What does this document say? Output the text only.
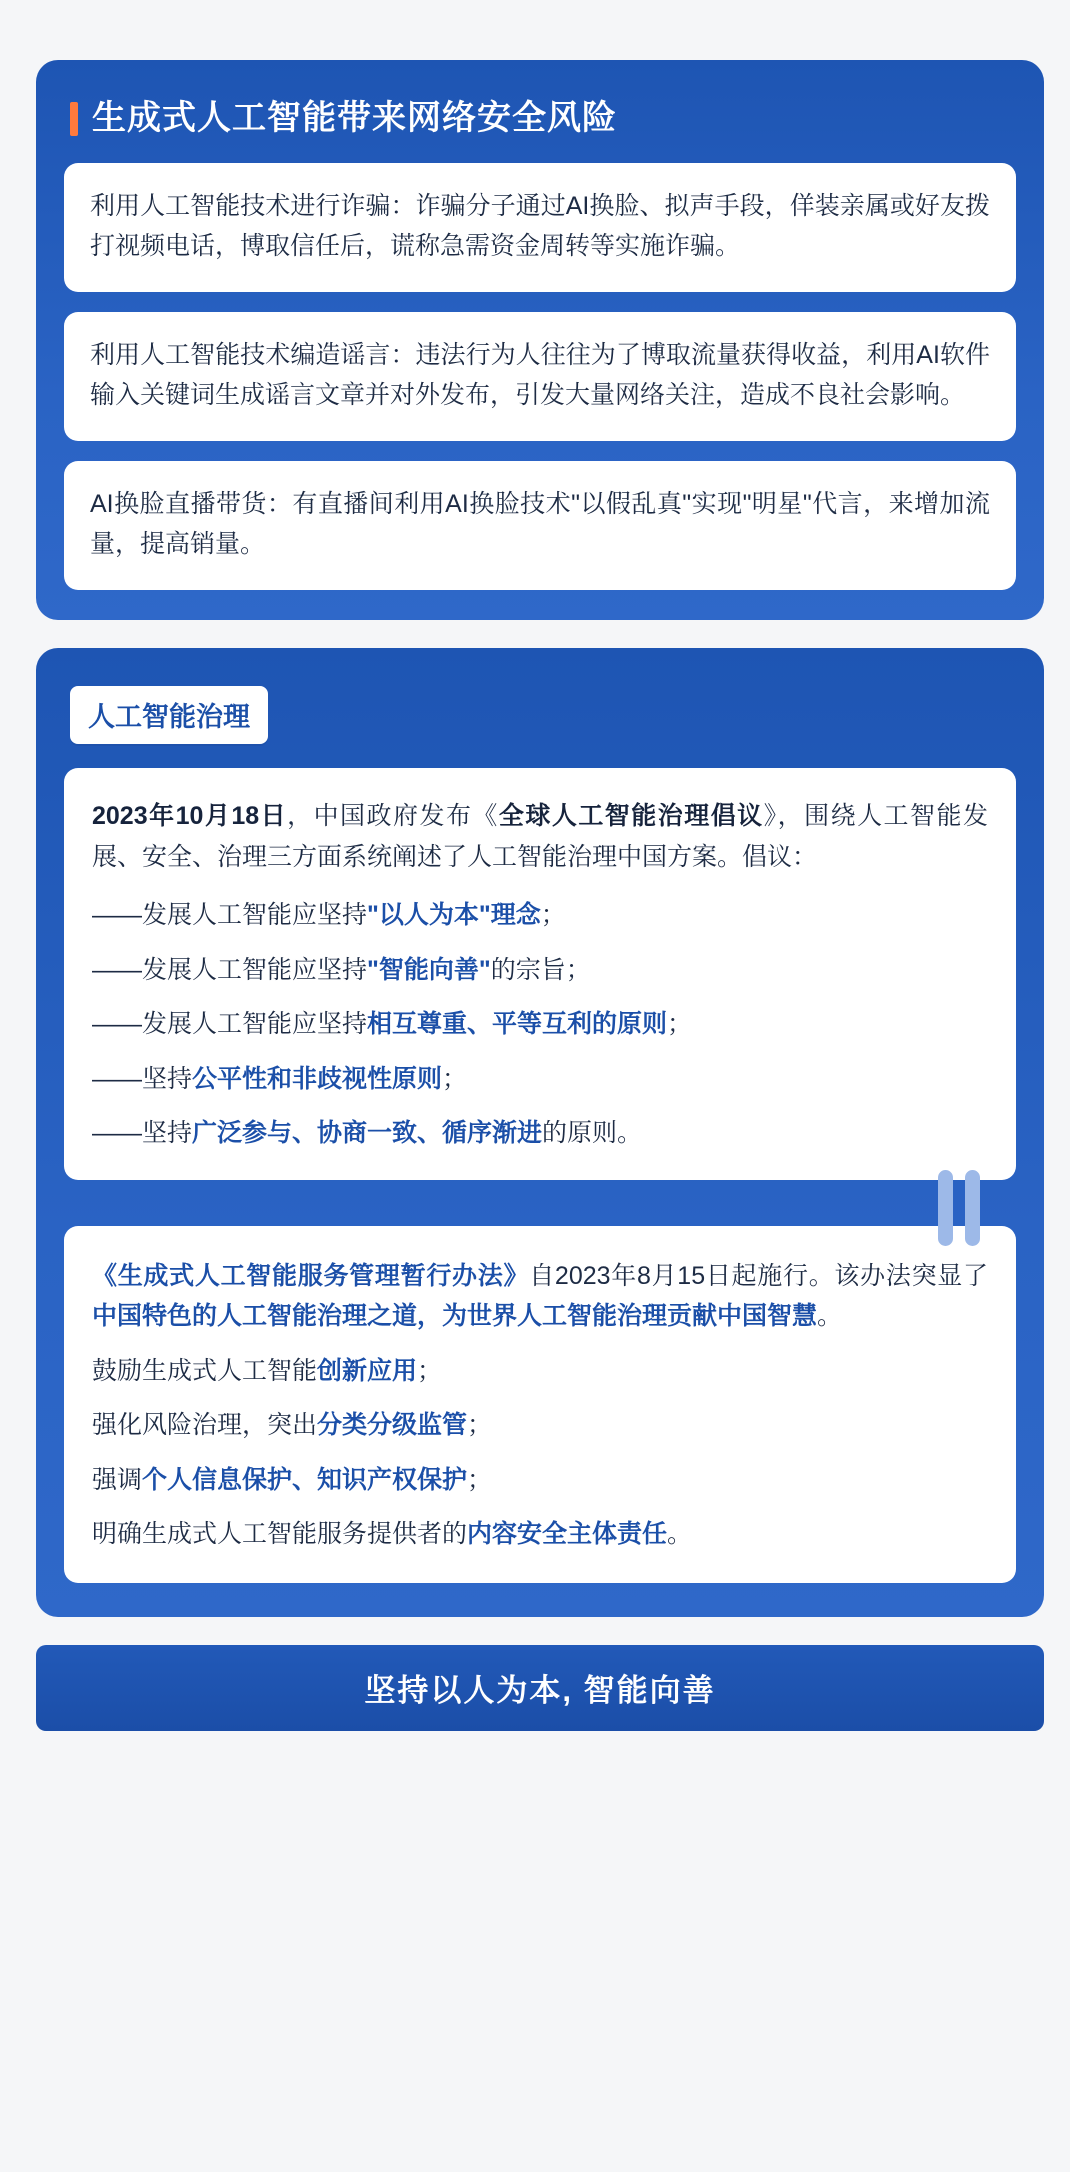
生成式人工智能带来网络安全风险
利用人工智能技术进行诈骗：诈骗分子通过AI换脸、拟声手段，佯装亲属或好友拨打视频电话，博取信任后，谎称急需资金周转等实施诈骗。
利用人工智能技术编造谣言：违法行为人往往为了博取流量获得收益，利用AI软件输入关键词生成谣言文章并对外发布，引发大量网络关注，造成不良社会影响。
AI换脸直播带货：有直播间利用AI换脸技术"以假乱真"实现"明星"代言，来增加流量，提高销量。
人工智能治理

2023年10月18日，中国政府发布《全球人工智能治理倡议》，围绕人工智能发展、安全、治理三方面系统阐述了人工智能治理中国方案。倡议：

——发展人工智能应坚持"以人为本"理念；

——发展人工智能应坚持"智能向善"的宗旨；

——发展人工智能应坚持相互尊重、平等互利的原则；

——坚持公平性和非歧视性原则；

——坚持广泛参与、协商一致、循序渐进的原则。

《生成式人工智能服务管理暂行办法》自2023年8月15日起施行。该办法突显了中国特色的人工智能治理之道，为世界人工智能治理贡献中国智慧。

鼓励生成式人工智能创新应用；

强化风险治理，突出分类分级监管；

强调个人信息保护、知识产权保护；

明确生成式人工智能服务提供者的内容安全主体责任。

坚持以人为本, 智能向善
